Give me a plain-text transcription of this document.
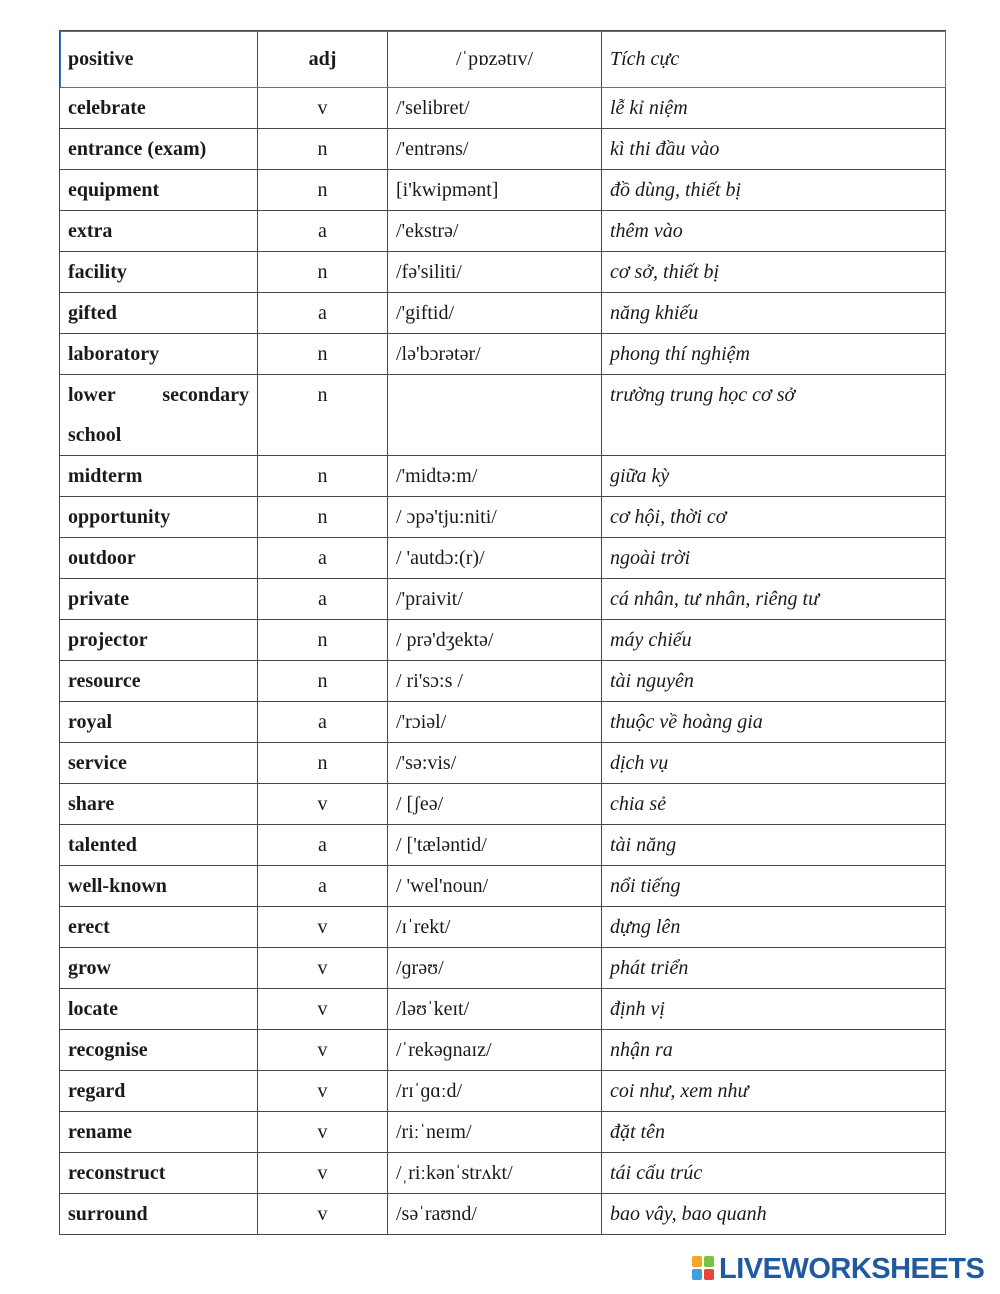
positive	adj	/ˈpɒzətɪv/	Tích cực
celebrate	v	/'selibret/	lễ kỉ niệm
entrance (exam)	n	/'entrəns/	kì thi đầu vào
equipment	n	[i'kwipmənt]	đồ dùng, thiết bị
extra	a	/'ekstrə/	thêm vào
facility	n	/fə'siliti/	cơ sở, thiết bị
gifted	a	/'giftid/	năng khiếu
laboratory	n	/lə'bɔrətər/	phong thí nghiệm

lower secondary
school	n		trường trung học cơ sở
midterm	n	/'midtə:m/	giữa kỳ
opportunity	n	/ ɔpə'tju:niti/	cơ hội, thời cơ
outdoor	a	/ 'autdɔ:(r)/	ngoài trời
private	a	/'praivit/	cá nhân, tư nhân, riêng tư
projector	n	/ prə'dʒektə/	máy chiếu
resource	n	/ ri'sɔ:s /	tài nguyên
royal	a	/'rɔiəl/	thuộc về hoàng gia
service	n	/'sə:vis/	dịch vụ
share	v	/ [ʃeə/	chia sẻ
talented	a	/ ['tæləntid/	tài năng
well-known	a	/ 'wel'noun/	nổi tiếng
erect	v	/ɪˈrekt/	dựng lên
grow	v	/ɡrəʊ/	phát triển
locate	v	/ləʊˈkeɪt/	định vị
recognise	v	/ˈrekəɡnaɪz/	nhận ra
regard	v	/rɪˈɡɑːd/	coi như, xem như
rename	v	/riːˈneɪm/	đặt tên
reconstruct	v	/ˌriːkənˈstrʌkt/	tái cấu trúc
surround	v	/səˈraʊnd/	bao vây, bao quanh
LIVEWORKSHEETS
